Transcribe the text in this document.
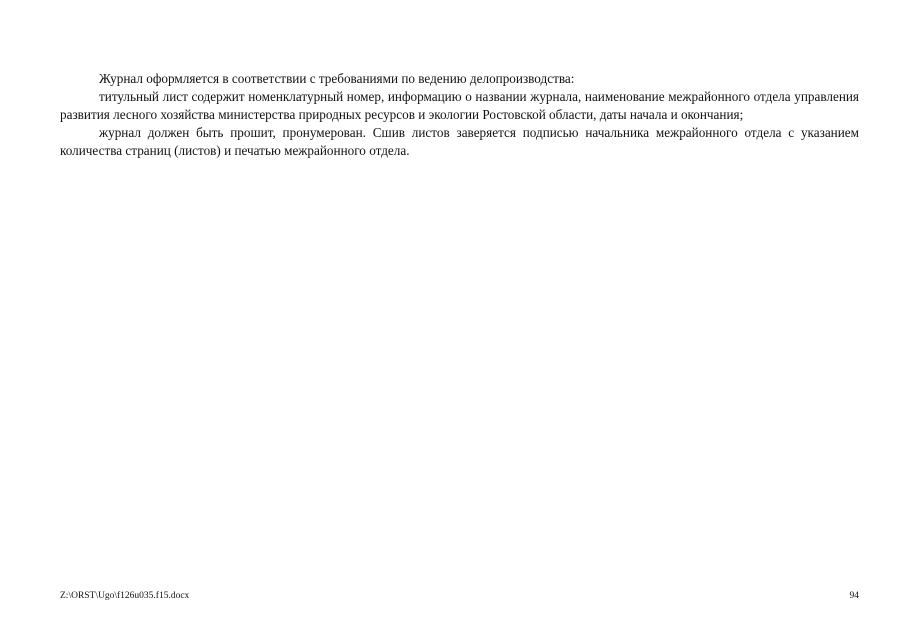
Журнал оформляется в соответствии с требованиями по ведению делопроизводства:

титульный лист содержит номенклатурный номер, информацию о названии журнала, наименование межрайонного отдела управления развития лесного хозяйства министерства природных ресурсов и экологии Ростовской области, даты начала и окончания;

журнал должен быть прошит, пронумерован. Сшив листов заверяется подписью начальника межрайонного отдела с указанием количества страниц (листов) и печатью межрайонного отдела.

Z:\ORST\Ugo\f126u035.f15.docx	94
